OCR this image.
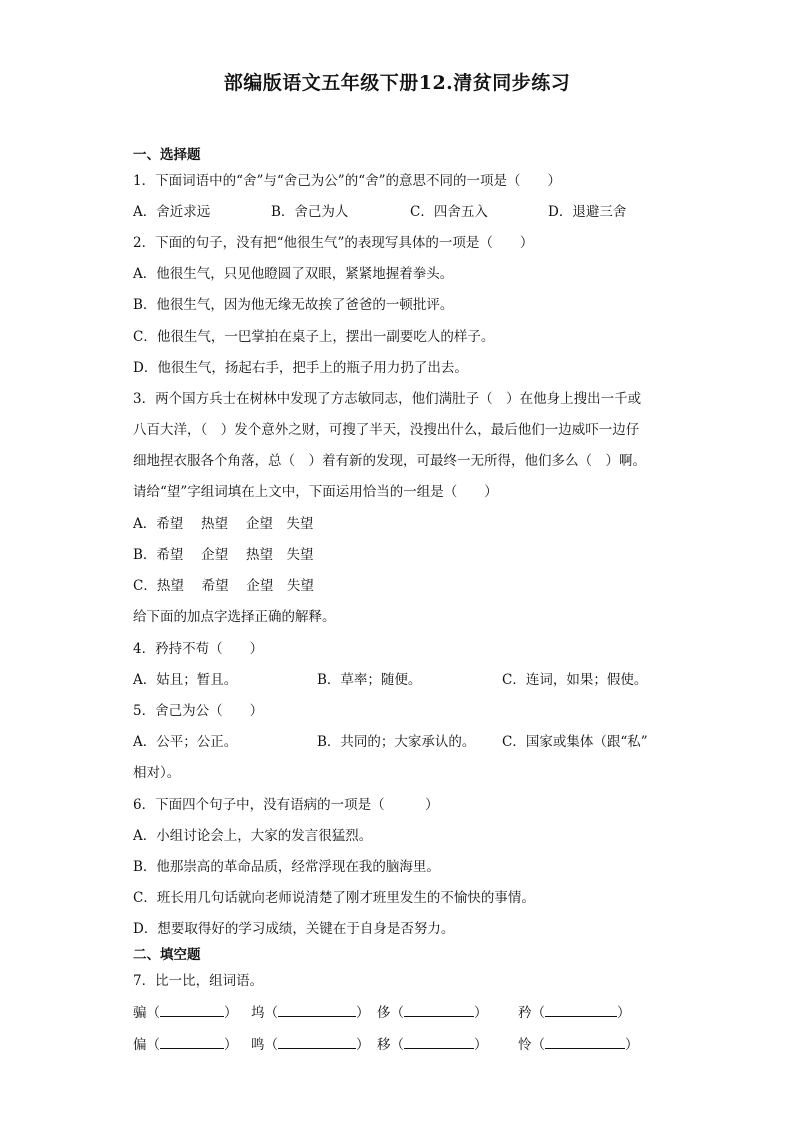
部编版语文五年级下册12.清贫同步练习
一、选择题
1．下面词语中的“舍”与“舍己为公”的“舍”的意思不同的一项是（　　）
A．舍近求远	B．舍己为人	C．四舍五入	D．退避三舍
2．下面的句子，没有把“他很生气”的表现写具体的一项是（　　）
A．他很生气，只见他瞪圆了双眼，紧紧地握着拳头。
B．他很生气，因为他无缘无故挨了爸爸的一顿批评。
C．他很生气，一巴掌拍在桌子上，摆出一副要吃人的样子。
D．他很生气，扬起右手，把手上的瓶子用力扔了出去。
3．两个国方兵士在树林中发现了方志敏同志，他们满肚子（　）在他身上搜出一千或
八百大洋，（　）发个意外之财，可搜了半天，没搜出什么，最后他们一边威吓一边仔
细地捏衣服各个角落，总（　）着有新的发现，可最终一无所得，他们多么（　）啊。
请给“望”字组词填在上文中，下面运用恰当的一组是（　　）
A．希望　 热望　 企望　失望
B．希望　 企望　 热望　失望
C．热望　 希望　 企望　失望
给下面的加点字选择正确的解释。
4．矜持不苟（　　）
A．姑且；暂且。	B．草率；随便。	C．连词，如果；假使。
5．舍己为公（　　）
A．公平；公正。	B．共同的；大家承认的。 C．国家或集体（跟“私”
相对）。
6．下面四个句子中，没有语病的一项是（　　　）
A．小组讨论会上，大家的发言很猛烈。
B．他那崇高的革命品质，经常浮现在我的脑海里。
C．班长用几句话就向老师说清楚了刚才班里发生的不愉快的事情。
D．想要取得好的学习成绩，关键在于自身是否努力。
二、填空题
7．比一比，组词语。
骗（	） 坞（	） 侈（	） 矜（	）
偏（	） 鸣（	） 移（	） 怜（	）
